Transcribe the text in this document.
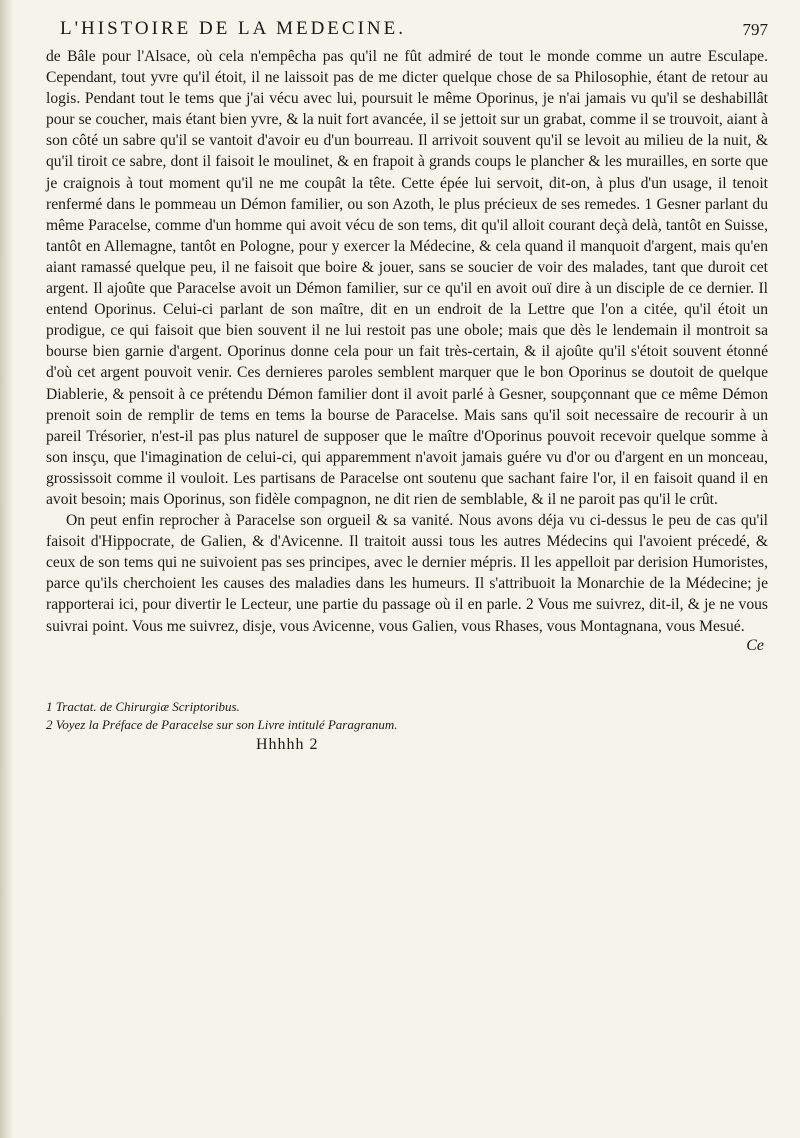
L'HISTOIRE DE LA MEDECINE.	797

de Bâle pour l'Alsace, où cela n'empêcha pas qu'il ne fût admiré de tout le monde comme un autre Esculape. Cependant, tout yvre qu'il étoit, il ne laissoit pas de me dicter quelque chose de sa Philosophie, étant de retour au logis. Pendant tout le tems que j'ai vécu avec lui, poursuit le même Oporinus, je n'ai jamais vu qu'il se deshabillât pour se coucher, mais étant bien yvre, & la nuit fort avancée, il se jettoit sur un grabat, comme il se trouvoit, aiant à son côté un sabre qu'il se vantoit d'avoir eu d'un bourreau. Il arrivoit souvent qu'il se levoit au milieu de la nuit, & qu'il tiroit ce sabre, dont il faisoit le moulinet, & en frapoit à grands coups le plancher & les murailles, en sorte que je craignois à tout moment qu'il ne me coupât la tête. Cette épée lui servoit, dit-on, à plus d'un usage, il tenoit renfermé dans le pommeau un Démon familier, ou son Azoth, le plus précieux de ses remedes. 1 Gesner parlant du même Paracelse, comme d'un homme qui avoit vécu de son tems, dit qu'il alloit courant deçà delà, tantôt en Suisse, tantôt en Allemagne, tantôt en Pologne, pour y exercer la Médecine, & cela quand il manquoit d'argent, mais qu'en aiant ramassé quelque peu, il ne faisoit que boire & jouer, sans se soucier de voir des malades, tant que duroit cet argent. Il ajoûte que Paracelse avoit un Démon familier, sur ce qu'il en avoit ouï dire à un disciple de ce dernier. Il entend Oporinus. Celui-ci parlant de son maître, dit en un endroit de la Lettre que l'on a citée, qu'il étoit un prodigue, ce qui faisoit que bien souvent il ne lui restoit pas une obole; mais que dès le lendemain il montroit sa bourse bien garnie d'argent. Oporinus donne cela pour un fait très-certain, & il ajoûte qu'il s'étoit souvent étonné d'où cet argent pouvoit venir. Ces dernieres paroles semblent marquer que le bon Oporinus se doutoit de quelque Diablerie, & pensoit à ce prétendu Démon familier dont il avoit parlé à Gesner, soupçonnant que ce même Démon prenoit soin de remplir de tems en tems la bourse de Paracelse. Mais sans qu'il soit necessaire de recourir à un pareil Trésorier, n'est-il pas plus naturel de supposer que le maître d'Oporinus pouvoit recevoir quelque somme à son insçu, que l'imagination de celui-ci, qui apparemment n'avoit jamais guére vu d'or ou d'argent en un monceau, grossissoit comme il vouloit. Les partisans de Paracelse ont soutenu que sachant faire l'or, il en faisoit quand il en avoit besoin; mais Oporinus, son fidèle compagnon, ne dit rien de semblable, & il ne paroit pas qu'il le crût.

On peut enfin reprocher à Paracelse son orgueil & sa vanité. Nous avons déja vu ci-dessus le peu de cas qu'il faisoit d'Hippocrate, de Galien, & d'Avicenne. Il traitoit aussi tous les autres Médecins qui l'avoient précedé, & ceux de son tems qui ne suivoient pas ses principes, avec le dernier mépris. Il les appelloit par derision Humoristes, parce qu'ils cherchoient les causes des maladies dans les humeurs. Il s'attribuoit la Monarchie de la Médecine; je rapporterai ici, pour divertir le Lecteur, une partie du passage où il en parle. 2 Vous me suivrez, dit-il, & je ne vous suivrai point. Vous me suivrez, disje, vous Avicenne, vous Galien, vous Rhases, vous Montagnana, vous Mesué.

Ce
1 Tractat. de Chirurgiæ Scriptoribus.
2 Voyez la Préface de Paracelse sur son Livre intitulé Paragranum.
Hhhhh 2
